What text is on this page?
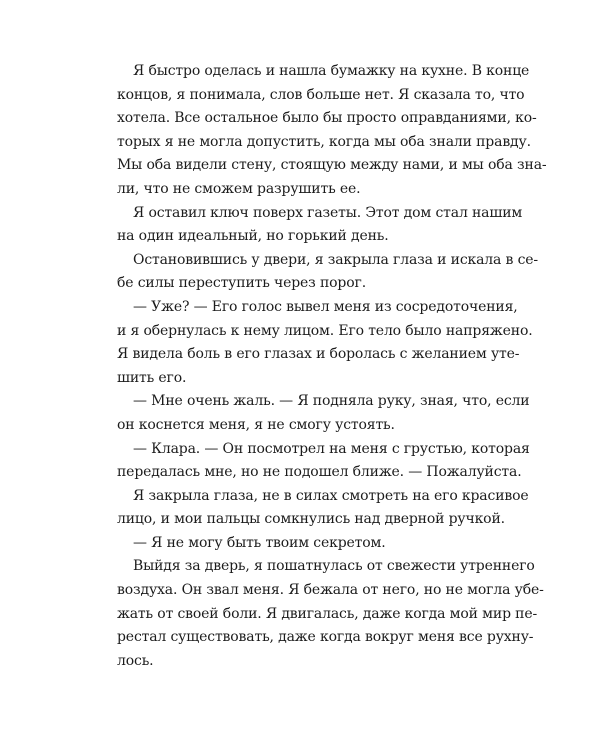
Я быстро оделась и нашла бумажку на кухне. В конце
концов, я понимала, слов больше нет. Я сказала то, что
хотела. Все остальное было бы просто оправданиями, ко-
торых я не могла допустить, когда мы оба знали правду.
Мы оба видели стену, стоящую между нами, и мы оба зна-
ли, что не сможем разрушить ее.
Я оставил ключ поверх газеты. Этот дом стал нашим
на один идеальный, но горький день.
Остановившись у двери, я закрыла глаза и искала в се-
бе силы переступить через порог.
— Уже? — Его голос вывел меня из сосредоточения,
и я обернулась к нему лицом. Его тело было напряжено.
Я видела боль в его глазах и боролась с желанием уте-
шить его.
— Мне очень жаль. — Я подняла руку, зная, что, если
он коснется меня, я не смогу устоять.
— Клара. — Он посмотрел на меня с грустью, которая
передалась мне, но не подошел ближе. — Пожалуйста.
Я закрыла глаза, не в силах смотреть на его красивое
лицо, и мои пальцы сомкнулись над дверной ручкой.
— Я не могу быть твоим секретом.
Выйдя за дверь, я пошатнулась от свежести утреннего
воздуха. Он звал меня. Я бежала от него, но не могла убе-
жать от своей боли. Я двигалась, даже когда мой мир пе-
рестал существовать, даже когда вокруг меня все рухну-
лось.
